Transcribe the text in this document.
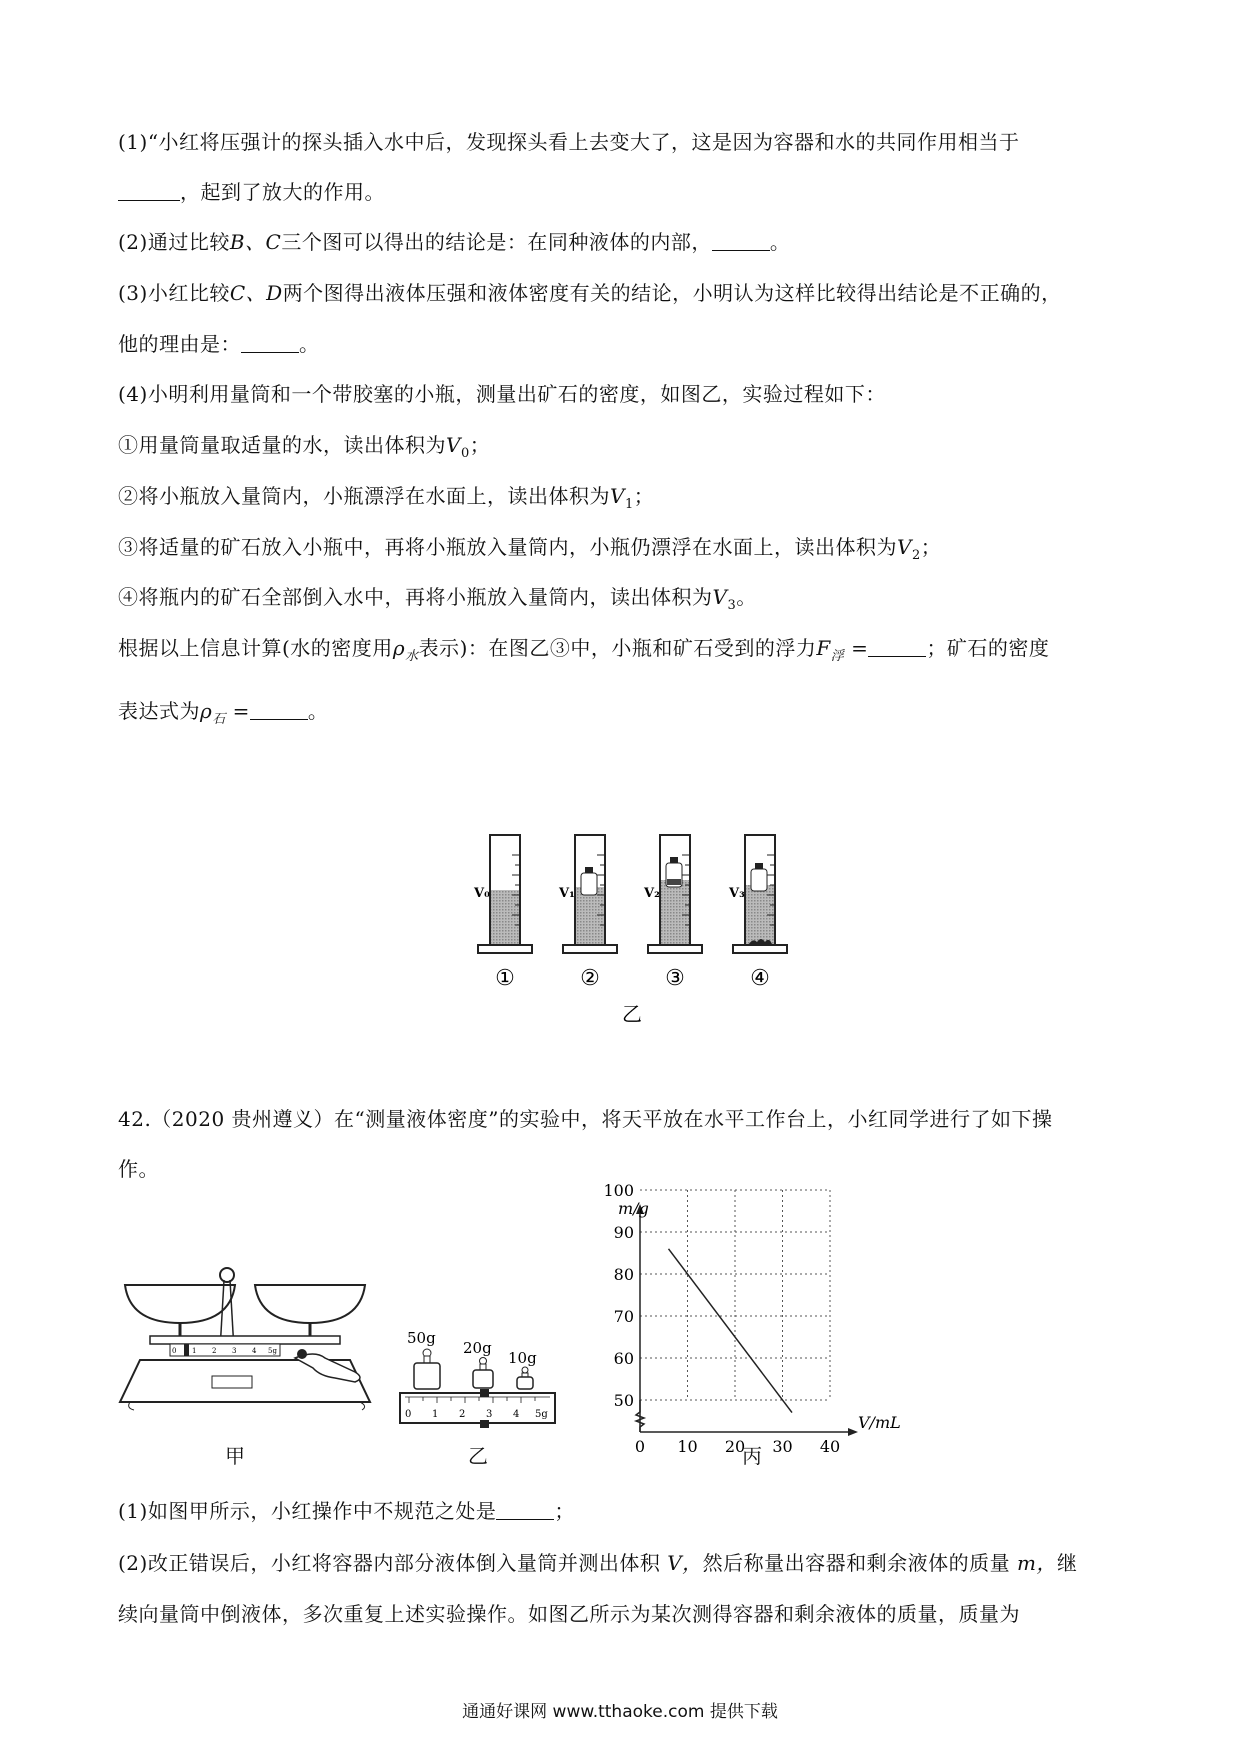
(1)“小红将压强计的探头插入水中后，发现探头看上去变大了，这是因为容器和水的共同作用相当于
，起到了放大的作用。
(2)通过比较B、C三个图可以得出的结论是：在同种液体的内部，	。
(3)小红比较C、D两个图得出液体压强和液体密度有关的结论，小明认为这样比较得出结论是不正确的，
他的理由是：	。
(4)小明利用量筒和一个带胶塞的小瓶，测量出矿石的密度，如图乙，实验过程如下：
①用量筒量取适量的水，读出体积为$V_0$；
②将小瓶放入量筒内，小瓶漂浮在水面上，读出体积为$V_1$；
③将适量的矿石放入小瓶中，再将小瓶放入量筒内，小瓶仍漂浮在水面上，读出体积为$V_2$；
④将瓶内的矿石全部倒入水中，再将小瓶放入量筒内，读出体积为$V_3$。
根据以上信息计算(水的密度用$\rho_水$表示)：在图乙③中，小瓶和矿石受到的浮力$F_浮$ =	；矿石的密度
表达式为$\rho_石$ =	。
V₀	V₁	V₂	V₃
①	②	③	④
乙
42.（2020 贵州遵义）在“测量液体密度”的实验中，将天平放在水平工作台上，小红同学进行了如下操
作。
0 1 2 3 4 5g
甲
50g
20g
10g
0 1 2 3 4 5g
乙
50
60
70
80
90
100
0 10 20 30 40
m/g
V/mL
丙
(1)如图甲所示，小红操作中不规范之处是	；
(2)改正错误后，小红将容器内部分液体倒入量筒并测出体积 V，然后称量出容器和剩余液体的质量 m，继
续向量筒中倒液体，多次重复上述实验操作。如图乙所示为某次测得容器和剩余液体的质量，质量为
通通好课网 www.tthaoke.com 提供下载
